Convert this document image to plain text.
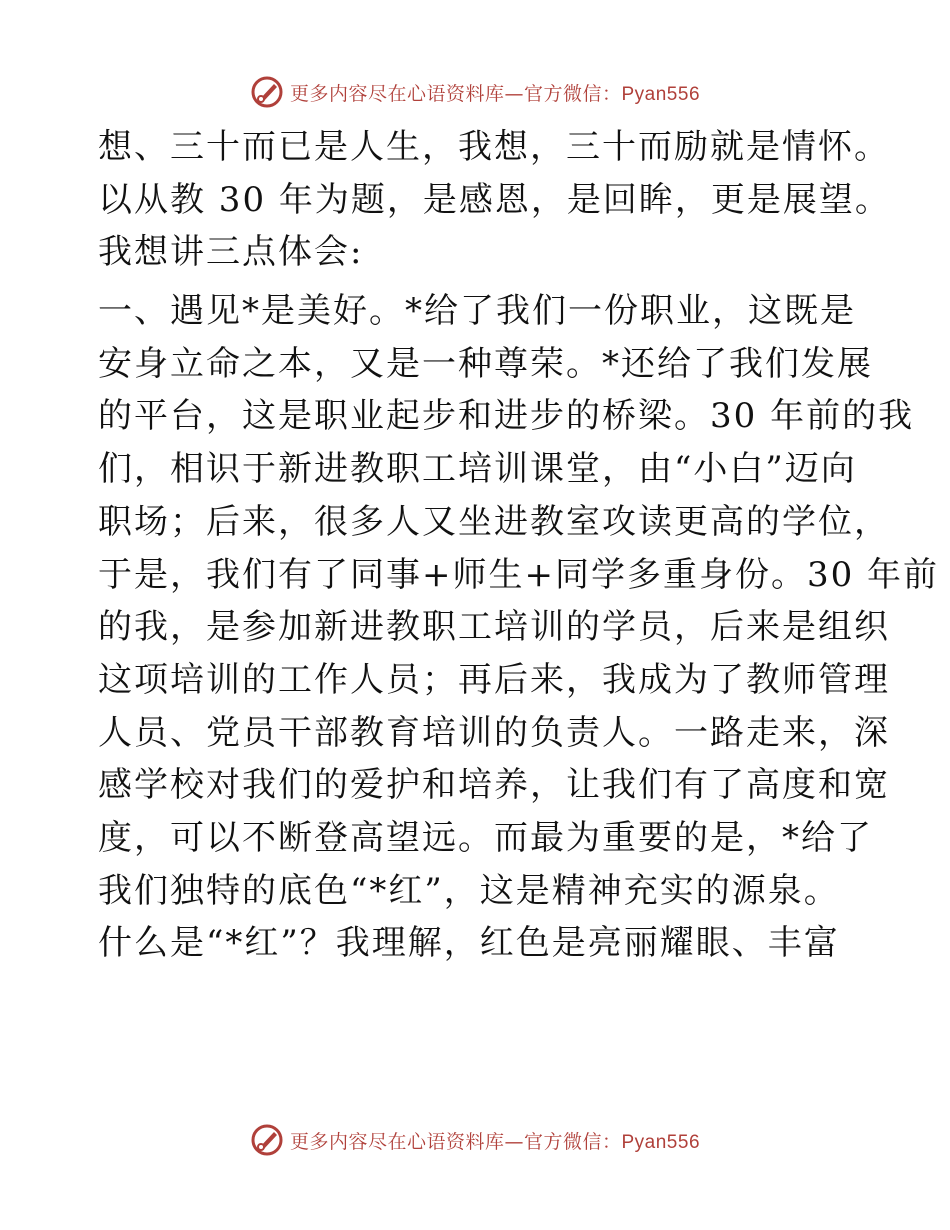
更多内容尽在心语资料库—官方微信：Pyan556
想、三十而已是人生，我想，三十而励就是情怀。
以从教 30 年为题，是感恩，是回眸，更是展望。
我想讲三点体会:
一、遇见*是美好。*给了我们一份职业，这既是
安身立命之本，又是一种尊荣。*还给了我们发展
的平台，这是职业起步和进步的桥梁。30 年前的我
们，相识于新进教职工培训课堂，由“小白”迈向
职场；后来，很多人又坐进教室攻读更高的学位，
于是，我们有了同事+师生+同学多重身份。30 年前
的我，是参加新进教职工培训的学员，后来是组织
这项培训的工作人员；再后来，我成为了教师管理
人员、党员干部教育培训的负责人。一路走来，深
感学校对我们的爱护和培养，让我们有了高度和宽
度，可以不断登高望远。而最为重要的是，*给了
我们独特的底色“*红”，这是精神充实的源泉。
什么是“*红”？我理解，红色是亮丽耀眼、丰富
更多内容尽在心语资料库—官方微信：Pyan556
